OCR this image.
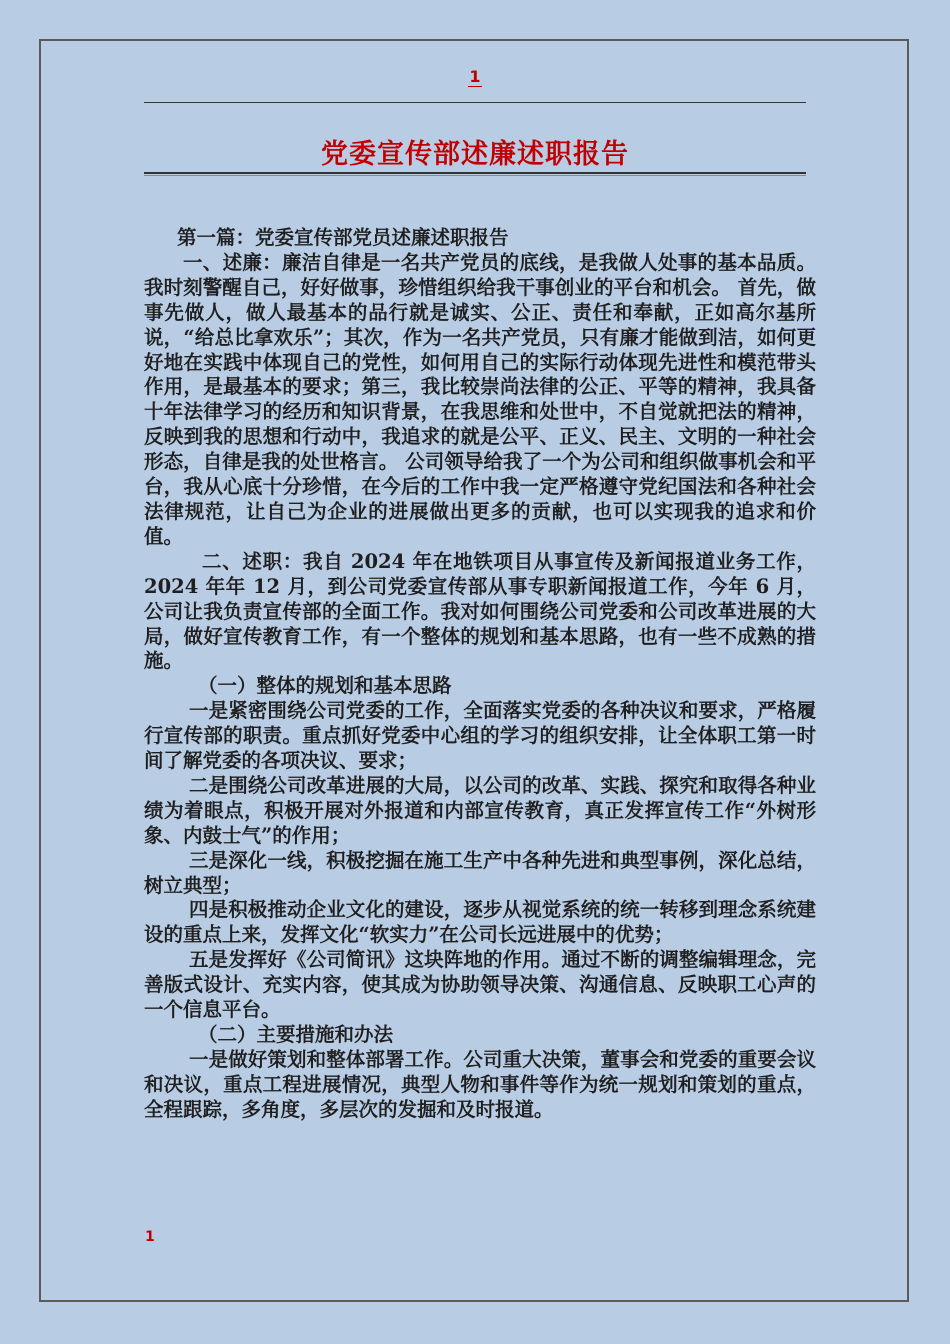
1
党委宣传部述廉述职报告

第一篇：党委宣传部党员述廉述职报告

一、述廉：廉洁自律是一名共产党员的底线，是我做人处事的基本品质。我时刻警醒自己，好好做事，珍惜组织给我干事创业的平台和机会。 首先，做事先做人，做人最基本的品行就是诚实、公正、责任和奉献，正如高尔基所说，“给总比拿欢乐”；其次，作为一名共产党员，只有廉才能做到洁，如何更好地在实践中体现自己的党性，如何用自己的实际行动体现先进性和模范带头作用，是最基本的要求；第三，我比较崇尚法律的公正、平等的精神，我具备十年法律学习的经历和知识背景，在我思维和处世中，不自觉就把法的精神，反映到我的思想和行动中，我追求的就是公平、正义、民主、文明的一种社会形态，自律是我的处世格言。 公司领导给我了一个为公司和组织做事机会和平台，我从心底十分珍惜，在今后的工作中我一定严格遵守党纪国法和各种社会法律规范，让自己为企业的进展做出更多的贡献，也可以实现我的追求和价值。

二、述职：我自 2024 年在地铁项目从事宣传及新闻报道业务工作，2024 年年 12 月，到公司党委宣传部从事专职新闻报道工作，今年 6 月，公司让我负责宣传部的全面工作。我对如何围绕公司党委和公司改革进展的大局，做好宣传教育工作，有一个整体的规划和基本思路，也有一些不成熟的措施。

（一）整体的规划和基本思路

一是紧密围绕公司党委的工作，全面落实党委的各种决议和要求，严格履行宣传部的职责。重点抓好党委中心组的学习的组织安排，让全体职工第一时间了解党委的各项决议、要求；

二是围绕公司改革进展的大局，以公司的改革、实践、探究和取得各种业绩为着眼点，积极开展对外报道和内部宣传教育，真正发挥宣传工作“外树形象、内鼓士气”的作用；

三是深化一线，积极挖掘在施工生产中各种先进和典型事例，深化总结，树立典型；

四是积极推动企业文化的建设，逐步从视觉系统的统一转移到理念系统建设的重点上来，发挥文化“软实力”在公司长远进展中的优势；

五是发挥好《公司简讯》这块阵地的作用。通过不断的调整编辑理念，完善版式设计、充实内容，使其成为协助领导决策、沟通信息、反映职工心声的一个信息平台。

（二）主要措施和办法

一是做好策划和整体部署工作。公司重大决策，董事会和党委的重要会议和决议，重点工程进展情况，典型人物和事件等作为统一规划和策划的重点，全程跟踪，多角度，多层次的发掘和及时报道。

1
